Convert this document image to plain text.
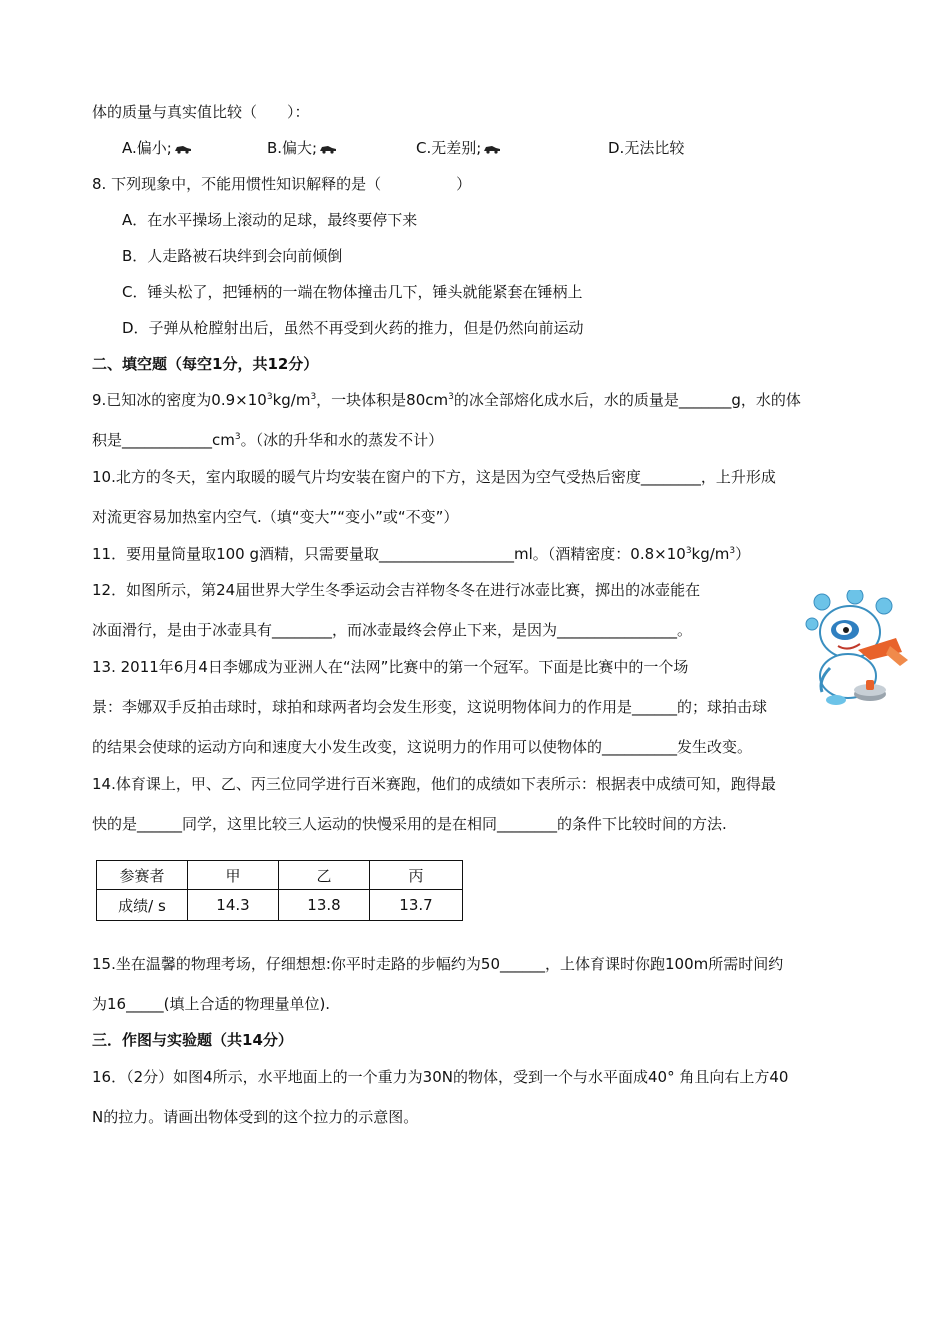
体的质量与真实值比较（　　）：
A.偏小;	B.偏大;	C.无差别;	D.无法比较
8. 下列现象中，不能用惯性知识解释的是（　　　　　）
A．在水平操场上滚动的足球，最终要停下来
B．人走路被石块绊到会向前倾倒
C．锤头松了，把锤柄的一端在物体撞击几下，锤头就能紧套在锤柄上
D．子弹从枪膛射出后，虽然不再受到火药的推力，但是仍然向前运动
二、填空题（每空1分，共12分）
9.已知冰的密度为$0.9\times 10^3kg/m^3$，一块体积是$80cm^3$的冰全部熔化成水后，水的质量是_______g，水的体
积是$\_\_\_\_\_\_\_\_\_\_\_\_cm^3$。（冰的升华和水的蒸发不计）
10.北方的冬天，室内取暖的暖气片均安装在窗户的下方，这是因为空气受热后密度________，上升形成
对流更容易加热室内空气.（填“变大”“变小”或“不变”）
11．要用量筒量取100 g酒精，只需要量取__________________ml。（酒精密度：$0.8\times 10^3kg/m^3$）
12．如图所示，第24届世界大学生冬季运动会吉祥物冬冬在进行冰壶比赛，掷出的冰壶能在
冰面滑行，是由于冰壶具有________，而冰壶最终会停止下来，是因为________________。
13. 2011年6月4日李娜成为亚洲人在“法网”比赛中的第一个冠军。下面是比赛中的一个场
景：李娜双手反拍击球时，球拍和球两者均会发生形变，这说明物体间力的作用是______的；球拍击球
的结果会使球的运动方向和速度大小发生改变，这说明力的作用可以使物体的__________发生改变。
14.体育课上，甲、乙、丙三位同学进行百米赛跑，他们的成绩如下表所示：根据表中成绩可知，跑得最
快的是______同学，这里比较三人运动的快慢采用的是在相同________的条件下比较时间的方法.
参赛者	甲	乙	丙
成绩/ s	14.3	13.8	13.7
15.坐在温馨的物理考场，仔细想想:你平时走路的步幅约为50______，上体育课时你跑100m所需时间约
为16_____(填上合适的物理量单位).
三．作图与实验题（共14分）
16．（2分）如图4所示，水平地面上的一个重力为30N的物体，受到一个与水平面成40° 角且向右上方40
N的拉力。请画出物体受到的这个拉力的示意图。
